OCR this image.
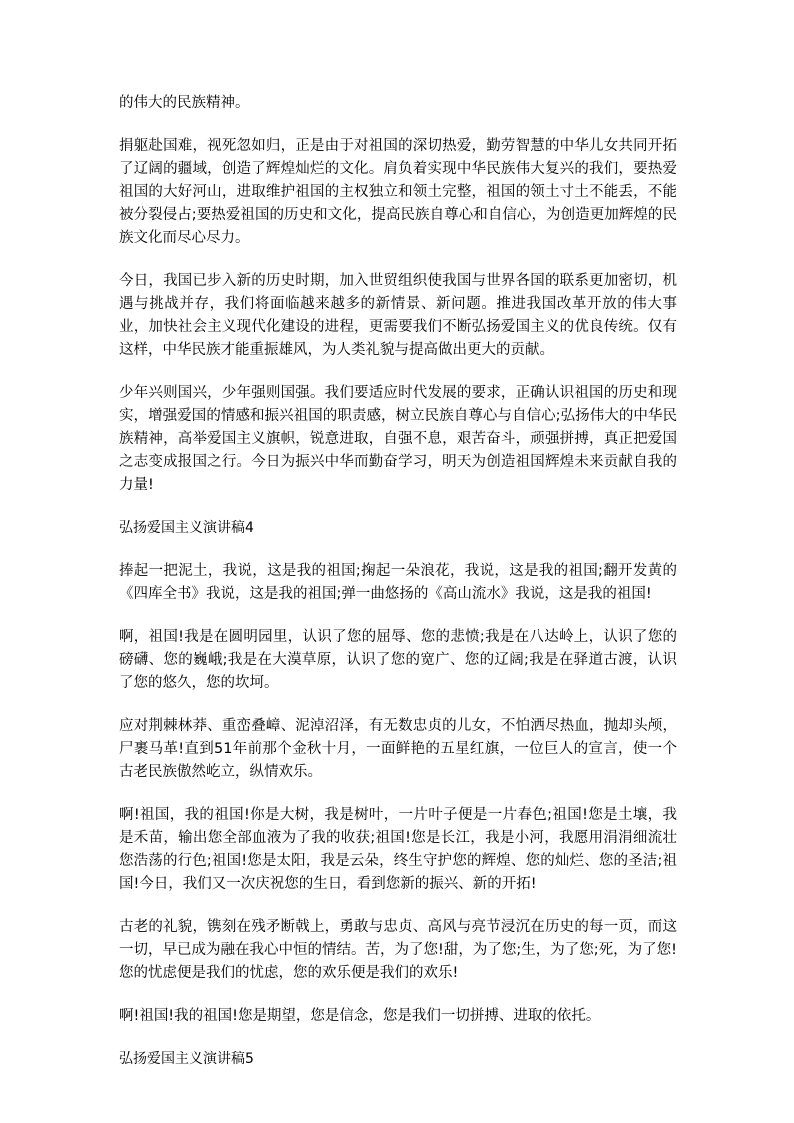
的伟大的民族精神。

捐躯赴国难，视死忽如归，正是由于对祖国的深切热爱，勤劳智慧的中华儿女共同开拓了辽阔的疆域，创造了辉煌灿烂的文化。肩负着实现中华民族伟大复兴的我们，要热爱祖国的大好河山，进取维护祖国的主权独立和领土完整，祖国的领土寸土不能丢，不能被分裂侵占;要热爱祖国的历史和文化，提高民族自尊心和自信心，为创造更加辉煌的民族文化而尽心尽力。

今日，我国已步入新的历史时期，加入世贸组织使我国与世界各国的联系更加密切，机遇与挑战并存，我们将面临越来越多的新情景、新问题。推进我国改革开放的伟大事业，加快社会主义现代化建设的进程，更需要我们不断弘扬爱国主义的优良传统。仅有这样，中华民族才能重振雄风，为人类礼貌与提高做出更大的贡献。

少年兴则国兴，少年强则国强。我们要适应时代发展的要求，正确认识祖国的历史和现实，增强爱国的情感和振兴祖国的职责感，树立民族自尊心与自信心;弘扬伟大的中华民族精神，高举爱国主义旗帜，锐意进取，自强不息，艰苦奋斗，顽强拼搏，真正把爱国之志变成报国之行。今日为振兴中华而勤奋学习，明天为创造祖国辉煌未来贡献自我的力量!

弘扬爱国主义演讲稿4

捧起一把泥土，我说，这是我的祖国;掬起一朵浪花，我说，这是我的祖国;翻开发黄的《四库全书》我说，这是我的祖国;弹一曲悠扬的《高山流水》我说，这是我的祖国!

啊，祖国!我是在圆明园里，认识了您的屈辱、您的悲愤;我是在八达岭上，认识了您的磅礴、您的巍峨;我是在大漠草原，认识了您的宽广、您的辽阔;我是在驿道古渡，认识了您的悠久，您的坎坷。

应对荆棘林莽、重峦叠嶂、泥淖沼泽，有无数忠贞的儿女，不怕洒尽热血，抛却头颅，尸裹马革!直到51年前那个金秋十月，一面鲜艳的五星红旗，一位巨人的宣言，使一个古老民族傲然屹立，纵情欢乐。

啊!祖国，我的祖国!你是大树，我是树叶，一片叶子便是一片春色;祖国!您是土壤，我是禾苗，输出您全部血液为了我的收获;祖国!您是长江，我是小河，我愿用涓涓细流壮您浩荡的行色;祖国!您是太阳，我是云朵，终生守护您的辉煌、您的灿烂、您的圣洁;祖国!今日，我们又一次庆祝您的生日，看到您新的振兴、新的开拓!

古老的礼貌，镌刻在残矛断戟上，勇敢与忠贞、高风与亮节浸沉在历史的每一页，而这一切，早已成为融在我心中恒的情结。苦，为了您!甜，为了您;生，为了您;死，为了您!您的忧虑便是我们的忧虑，您的欢乐便是我们的欢乐!

啊!祖国!我的祖国!您是期望，您是信念，您是我们一切拼搏、进取的依托。

弘扬爱国主义演讲稿5
